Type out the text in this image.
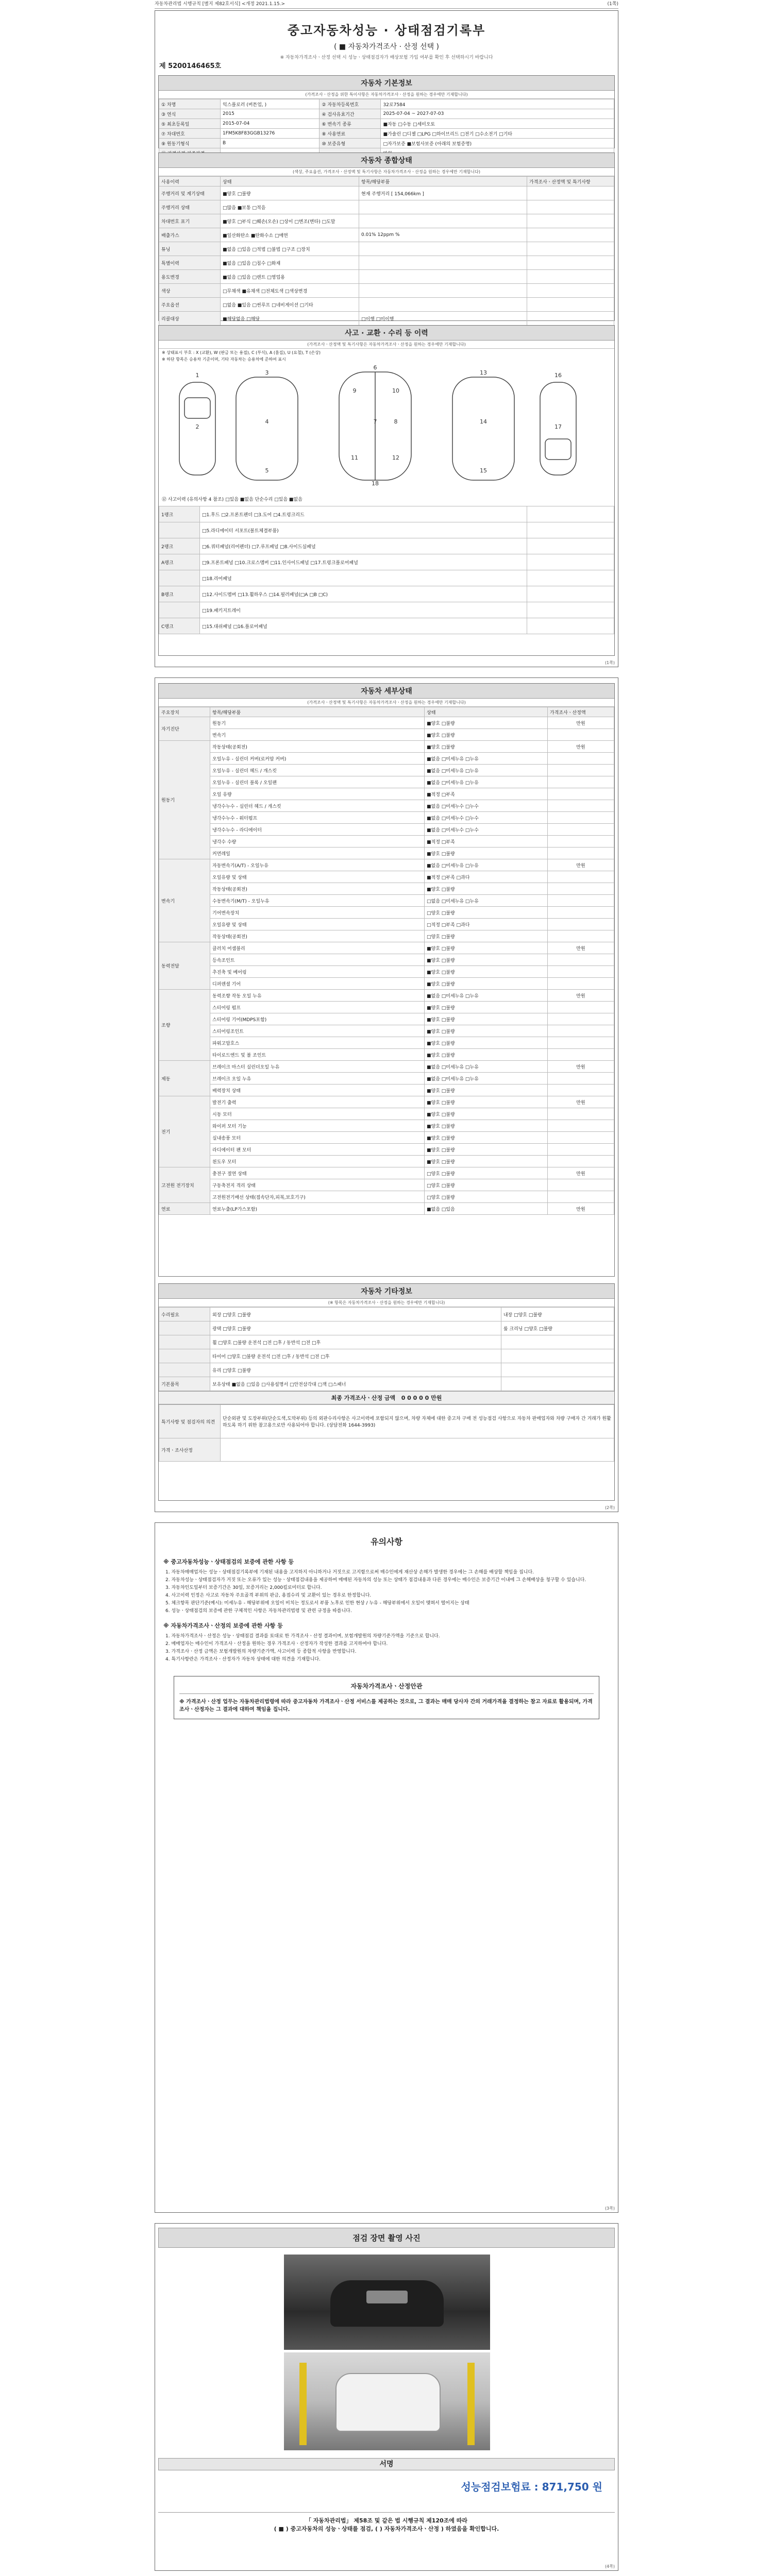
자동차관리법 시행규칙 [별지 제82호서식] <개정 2021.1.15.>	(1쪽)
중고자동차성능 · 상태점검기록부
( ■ 자동차가격조사 · 산정 선택 )
※ 자동차가격조사ㆍ산정 선택 시 성능ㆍ상태점검자가 배상보험 가입 여부를 확인 후 선택하시기 바랍니다
제 5200146465호
자동차 기본정보
(가격조사ㆍ산정을 위한 특이사항은 자동차가격조사ㆍ산정을 원하는 경우에만 기재합니다)
① 차명	익스플로러 (버튼업, )	② 자동차등록번호	32로7584
③ 연식	2015	④ 검사유효기간	2025-07-04 ~ 2027-07-03
⑤ 최초등록일	2015-07-04	⑥ 변속기 종류	■자동 □수동 □세미오토
⑦ 차대번호	1FM5K8F83GGB13276	⑧ 사용연료	■가솔린 □디젤 □LPG □하이브리드 □전기 □수소전기 □기타
⑨ 원동기형식	B	⑩ 보증유형	□자가보증 ■보험사보증 (아래의 보험증명)

자동차 종합상태
(색상, 주요옵션, 가격조사ㆍ산정액 및 특기사항은 자동차가격조사ㆍ산정을 원하는 경우에만 기재합니다)
사용이력	상태	항목/해당부품	가격조사ㆍ산정액 및 특기사항
주행거리 및 계기상태	■양호 □불량	현재 주행거리 [ 154,066km ]	
주행거리 상태	□많음 ■보통 □적음		
차대번호 표기	■양호 □부식 □훼손(오손) □상이 □변조(변타) □도말		
배출가스	■일산화탄소 ■탄화수소 □매연	0.01% 12ppm %	
튜닝	■없음 □있음 □적법 □불법 □구조 □장치		
특별이력	■없음 □있음 □침수 □화재		
용도변경	■없음 □있음 □렌트 □영업용		
색상	□무채색 ■유채색 □전체도색 □색상변경		
주요옵션	□없음 ■있음 □썬루프 □네비게이션 □기타		
리콜대상	■해당없음 □해당	□이행 □미이행	
사고 · 교환 · 수리 등 이력
(가격조사ㆍ산정액 및 특기사항은 자동차가격조사ㆍ산정을 원하는 경우에만 기재합니다)
※ 상태표시 부호 : X (교환), W (판금 또는 용접), C (부식), A (흠집), U (요철), T (손상)
※ 하단 항목은 승용차 기준이며, 기타 자동차는 승용차에 준하여 표시
1
2
3
4
5
6
7	8
9	10
11	12
13
14
15
16
17
18
⑫ 사고이력 (유의사항 4 참조) □있음 ■없음 단순수리 □있음 ■없음
1랭크	□1.후드 □2.프론트펜더 □3.도어 □4.트렁크리드	
	□5.라디에이터 서포트(볼트체결부품)	
2랭크	□6.쿼터패널(리어펜더) □7.루프패널 □8.사이드실패널	
A랭크	□9.프론트패널 □10.크로스멤버 □11.인사이드패널 □17.트렁크플로어패널	
	□18.리어패널	
B랭크	□12.사이드멤버 □13.휠하우스 □14.필러패널(□A □B □C)	
	□19.패키지트레이	
C랭크	□15.대쉬패널 □16.플로어패널	
(1쪽)
자동차 세부상태
(가격조사ㆍ산정액 및 특기사항은 자동차가격조사ㆍ산정을 원하는 경우에만 기재합니다)
주요장치	항목/해당부품	상태	가격조사ㆍ산정액
자기진단	원동기	■양호 □불량	만원
	변속기	■양호 □불량	
원동기	작동상태(공회전)	■양호 □불량	만원
	오일누유 - 실린더 커버(로커암 커버)	■없음 □미세누유 □누유	
	오일누유 - 실린더 헤드 / 개스킷	■없음 □미세누유 □누유	
	오일누유 - 실린더 블록 / 오일팬	■없음 □미세누유 □누유	
	오일 유량	■적정 □부족	
	냉각수누수 - 실린더 헤드 / 개스킷	■없음 □미세누수 □누수	
	냉각수누수 - 워터펌프	■없음 □미세누수 □누수	
	냉각수누수 - 라디에이터	■없음 □미세누수 □누수	
	냉각수 수량	■적정 □부족	
	커먼레일	■양호 □불량	
변속기	자동변속기(A/T) - 오일누유	■없음 □미세누유 □누유	만원
	오일유량 및 상태	■적정 □부족 □과다	
	작동상태(공회전)	■양호 □불량	
	수동변속기(M/T) - 오일누유	□없음 □미세누유 □누유	
	기어변속장치	□양호 □불량	
	오일유량 및 상태	□적정 □부족 □과다	
	작동상태(공회전)	□양호 □불량	
동력전달	클러치 어셈블리	■양호 □불량	만원
	등속조인트	■양호 □불량	
	추진축 및 베어링	■양호 □불량	
	디퍼렌셜 기어	■양호 □불량	
조향	동력조향 작동 오일 누유	■없음 □미세누유 □누유	만원
	스티어링 펌프	■양호 □불량	
	스티어링 기어(MDPS포함)	■양호 □불량	
	스티어링조인트	■양호 □불량	
	파워고압호스	■양호 □불량	
	타이로드엔드 및 볼 조인트	■양호 □불량	
제동	브레이크 마스터 실린더오일 누유	■없음 □미세누유 □누유	만원
	브레이크 오일 누유	■없음 □미세누유 □누유	
	배력장치 상태	■양호 □불량	
전기	발전기 출력	■양호 □불량	만원
	시동 모터	■양호 □불량	
	와이퍼 모터 기능	■양호 □불량	
	실내송풍 모터	■양호 □불량	
	라디에이터 팬 모터	■양호 □불량	
	윈도우 모터	■양호 □불량	
고전원 전기장치	충전구 절연 상태	□양호 □불량	만원
	구동축전지 격리 상태	□양호 □불량	
	고전원전기배선 상태(접속단자,피복,보호기구)	□양호 □불량	
연료	연료누출(LP가스포함)	■없음 □있음	만원
자동차 기타정보
(※ 항목은 자동차가격조사ㆍ산정을 원하는 경우에만 기재합니다)
수리필요	외장 □양호 □불량	내장 □양호 □불량
	광택 □양호 □불량	룸 크리닝 □양호 □불량
	휠 □양호 □불량 운전석 □전 □후 / 동반석 □전 □후	
	타이어 □양호 □불량 운전석 □전 □후 / 동반석 □전 □후	
	유리 □양호 □불량	
기본품목	보유상태 ■없음 □있음 □사용설명서 □안전삼각대 □잭 □스패너	
최종 가격조사ㆍ산정 금액 0 0 0 0 0 만원
특기사항 및 점검자의 의견	단순외판 및 도장부위(단순도색,도막부위) 등의 외판수리사항은 사고이력에 포함되지 않으며, 차량 자체에 대한 중고차 구매 전 성능점검 사항으로 자동차 판매업자와 차량 구매자 간 거래가 원활하도록 하기 위한 참고용으로만 사용되어야 합니다. (상담전화 1644-3993)
가격ㆍ조사산정	
(2쪽)
유의사항
※ 중고자동차성능ㆍ상태점검의 보증에 관한 사항 등
1. 자동차매매업자는 성능ㆍ상태점검기록부에 기재된 내용을 고지하지 아니하거나 거짓으로 고지함으로써 매수인에게 재산상 손해가 발생한 경우에는 그 손해를 배상할 책임을 집니다.
2. 자동차성능ㆍ상태점검자가 거짓 또는 오류가 있는 성능ㆍ상태점검내용을 제공하여 매매된 자동차의 성능 또는 상태가 점검내용과 다른 경우에는 매수인은 보증기간 이내에 그 손해배상을 청구할 수 있습니다.
3. 자동차인도일부터 보증기간은 30일, 보증거리는 2,000킬로미터로 합니다.
4. 사고이력 인정은 사고로 자동차 주요골격 부위의 판금, 용접수리 및 교환이 있는 경우로 한정합니다.
5. 체크항목 판단기준(예시): 미세누유 - 해당부위에 오일이 비치는 정도로서 부품 노후로 인한 현상 / 누유 - 해당부위에서 오일이 맺혀서 떨어지는 상태
6. 성능ㆍ상태점검의 보증에 관한 구체적인 사항은 자동차관리법령 및 관련 규정을 따릅니다.
※ 자동차가격조사ㆍ산정의 보증에 관한 사항 등
1. 자동차가격조사ㆍ산정은 성능ㆍ상태점검 결과를 토대로 한 가격조사ㆍ산정 결과이며, 보험개발원의 차량기준가액을 기준으로 합니다.
2. 매매업자는 매수인이 가격조사ㆍ산정을 원하는 경우 가격조사ㆍ산정자가 작성한 결과를 고지하여야 합니다.
3. 가격조사ㆍ산정 금액은 보험개발원의 차량기준가액, 사고이력 등 종합적 사항을 반영합니다.
4. 특기사항란은 가격조사ㆍ산정자가 자동차 상태에 대한 의견을 기재합니다.
자동차가격조사ㆍ산정안관
※ 가격조사ㆍ산정 업무는 자동차관리법령에 따라 중고자동차 가격조사ㆍ산정 서비스를 제공하는 것으로, 그 결과는 매매 당사자 간의 거래가격을 결정하는 참고 자료로 활용되며, 가격조사ㆍ산정자는 그 결과에 대하여 책임을 집니다.
(3쪽)
점검 장면 촬영 사진
서명
성능점검보험료 : 871,750 원
「 자동차관리법」 제58조 및 같은 법 시행규칙 제120조에 따라
( ■ ) 중고자동차의 성능ㆍ상태를 점검, ( ) 자동차가격조사ㆍ산정 ) 하였음을 확인합니다.
(4쪽)
